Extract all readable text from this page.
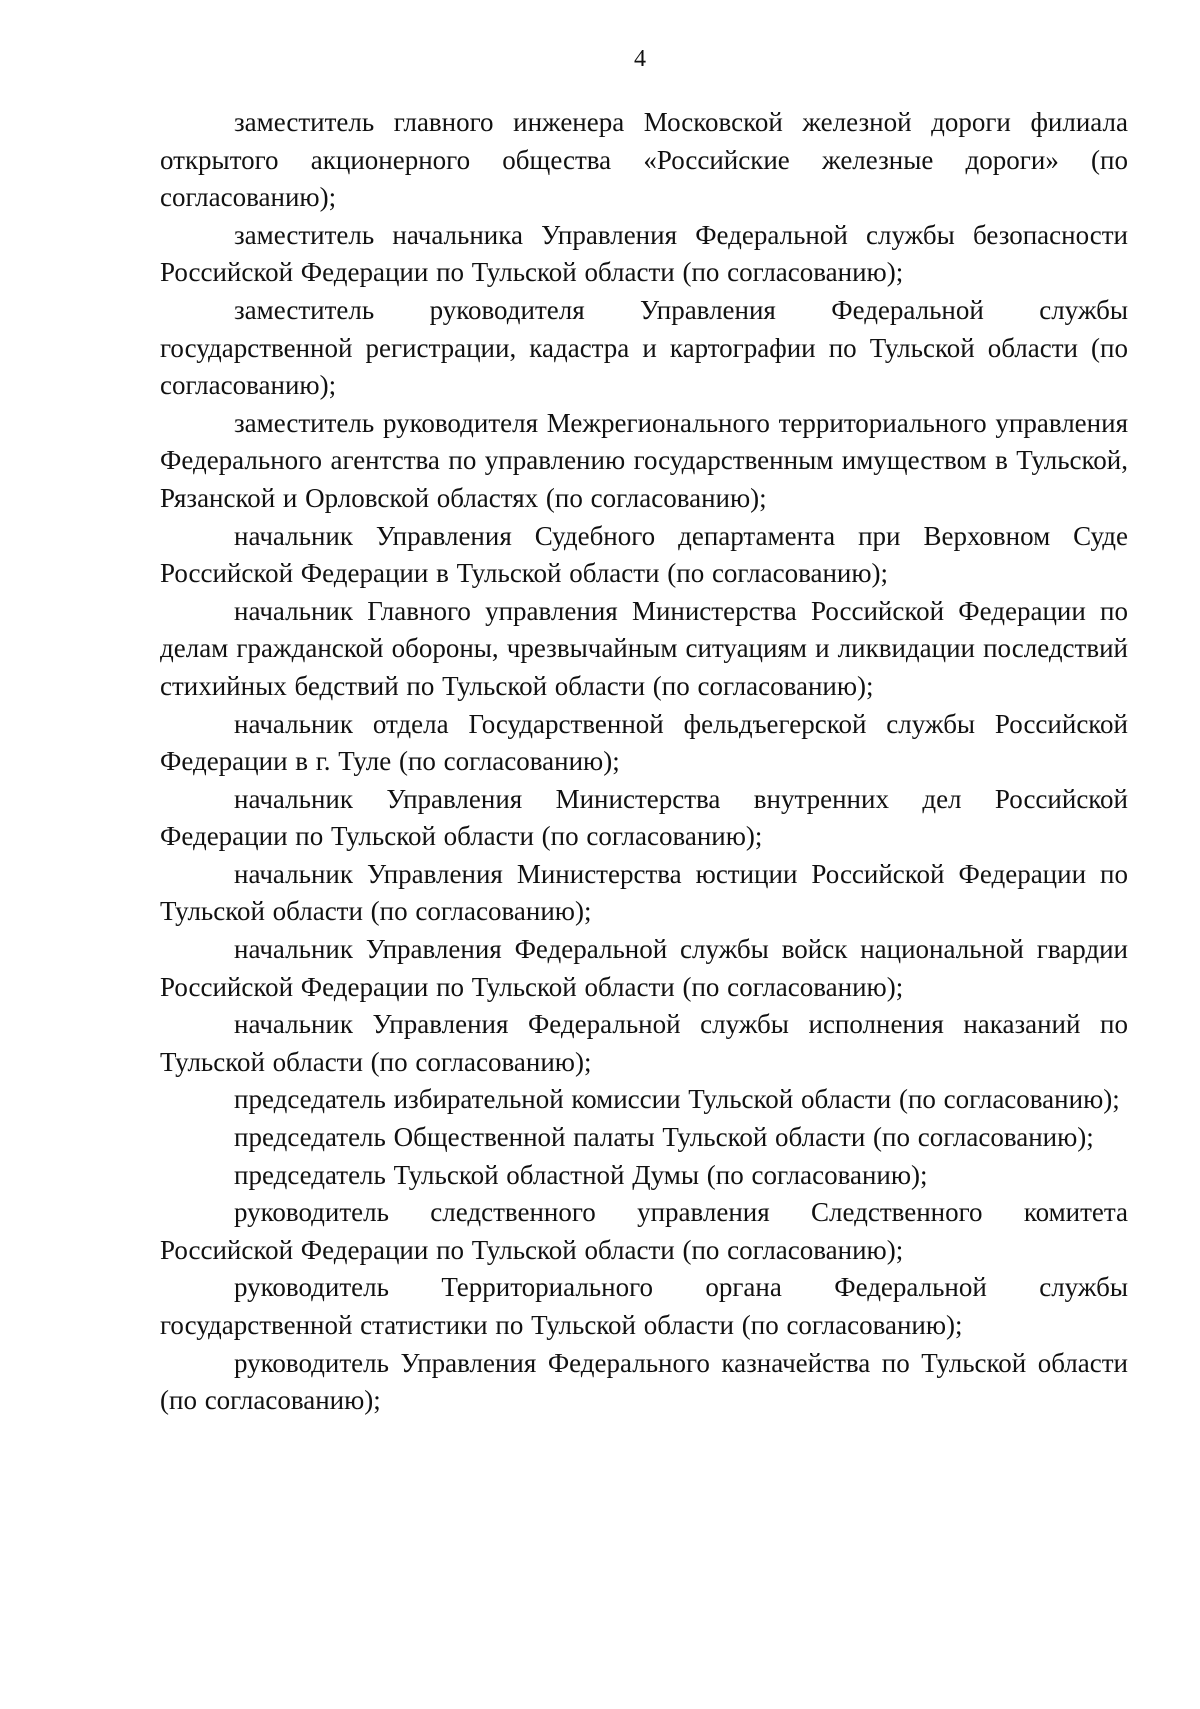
4

заместитель главного инженера Московской железной дороги филиала открытого акционерного общества «Российские железные дороги» (по согласованию);

заместитель начальника Управления Федеральной службы безопасности Российской Федерации по Тульской области (по согласованию);

заместитель руководителя Управления Федеральной службы государственной регистрации, кадастра и картографии по Тульской области (по согласованию);

заместитель руководителя Межрегионального территориального управления Федерального агентства по управлению государственным имуществом в Тульской, Рязанской и Орловской областях (по согласованию);

начальник Управления Судебного департамента при Верховном Суде Российской Федерации в Тульской области (по согласованию);

начальник Главного управления Министерства Российской Федерации по делам гражданской обороны, чрезвычайным ситуациям и ликвидации последствий стихийных бедствий по Тульской области (по согласованию);

начальник отдела Государственной фельдъегерской службы Российской Федерации в г. Туле (по согласованию);

начальник Управления Министерства внутренних дел Российской Федерации по Тульской области (по согласованию);

начальник Управления Министерства юстиции Российской Федерации по Тульской области (по согласованию);

начальник Управления Федеральной службы войск национальной гвардии Российской Федерации по Тульской области (по согласованию);

начальник Управления Федеральной службы исполнения наказаний по Тульской области (по согласованию);

председатель избирательной комиссии Тульской области (по согласованию);

председатель Общественной палаты Тульской области (по согласованию);

председатель Тульской областной Думы (по согласованию);

руководитель следственного управления Следственного комитета Российской Федерации по Тульской области (по согласованию);

руководитель Территориального органа Федеральной службы государственной статистики по Тульской области (по согласованию);

руководитель Управления Федерального казначейства по Тульской области (по согласованию);
